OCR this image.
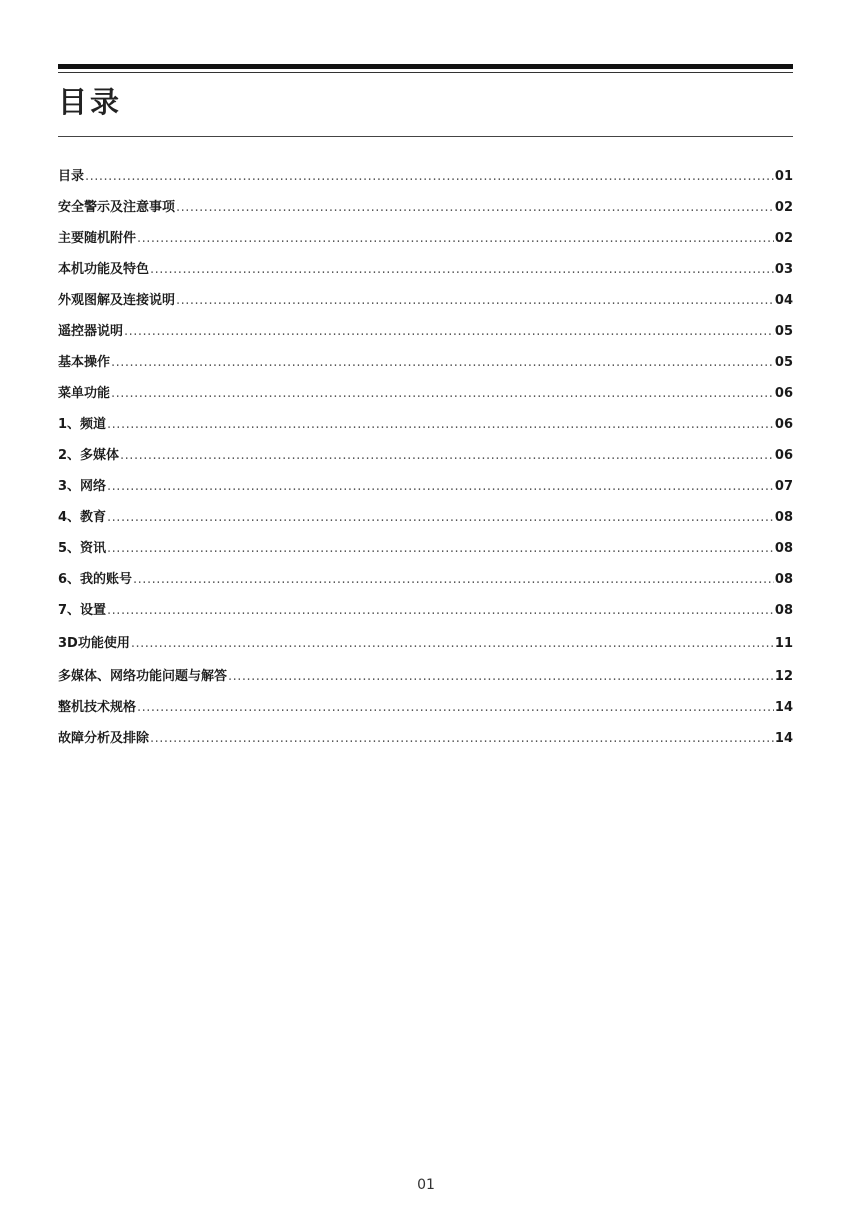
目录
目录 .....	01
安全警示及注意事项 .....	02
主要随机附件 .....	02
本机功能及特色 .....	03
外观图解及连接说明 .....	04
遥控器说明 .....	05
基本操作 .....	05
菜单功能 .....	06
1、频道 .....	06
2、多媒体 .....	06
3、网络 .....	07
4、教育 .....	08
5、资讯 .....	08
6、我的账号 .....	08
7、设置 .....	08
3D功能使用 .....	11
多媒体、网络功能问题与解答 .....	12
整机技术规格 .....	14
故障分析及排除 .....	14
01
